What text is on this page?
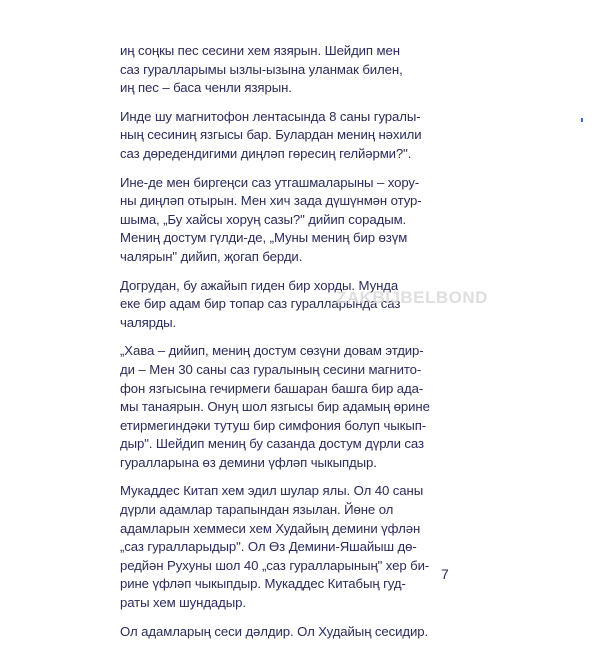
иң соңкы пес сесини хем язярын. Шейдип мен
саз гуралларымы ызлы-ызына уланмак билен,
иң пес – баса ченли язярын.

Инде шу магнитофон лентасында 8 саны гуралы-
ның сесиниң язгысы бар. Булардан мениң нәхили
саз дөредендигими диңләп гөресиң гелйәрми?".

Инe-де мен биргеңси саз утгашмаларыны – хору-
ны диңләп отырын. Мен хич зада дүшүнмән отур-
шыма, „Бу хайсы хоруң сазы?" дийип сорадым.
Мениң достум гүлди-де, „Муны мениң бир өзүм
чалярын" дийип, җогап берди.

Догрудан, бу ажайып гиден бир хорды. Мунда
еке бир адам бир топар саз гуралларында саз
чалярды.

„Хава – дийип, мениң достум сөзүни довам этдир-
ди – Мен 30 саны саз гуралының сесини магнито-
фон язгысына гечирмеги башаран башга бир ада-
мы танаярын. Онуң шол язгысы бир адамың өрине
етирмегиндәки тутуш бир симфония болуп чыкып-
дыр". Шейдип мениң бу сазанда достум дүрли саз
гуралларына өз демини үфләп чыкыпдыр.

Мукаддес Китап хем эдил шулар ялы. Ол 40 саны
дүрли адамлар тарапындан язылан. Йөне ол
адамларын хеммеси хем Худайың демини үфлән
„саз гуралларыдыр". Ол Өз Демини-Яшайыш дө-
редйән Рухуны шол 40 „саз гуралларының" хер би-
рине үфләп чыкыпдыр. Мукаддес Китабың гуд-
раты хем шундадыр.

Ол адамларың сеси дәлдир. Ол Худайың сесидир.

ZAKBIJBELBOND
7
